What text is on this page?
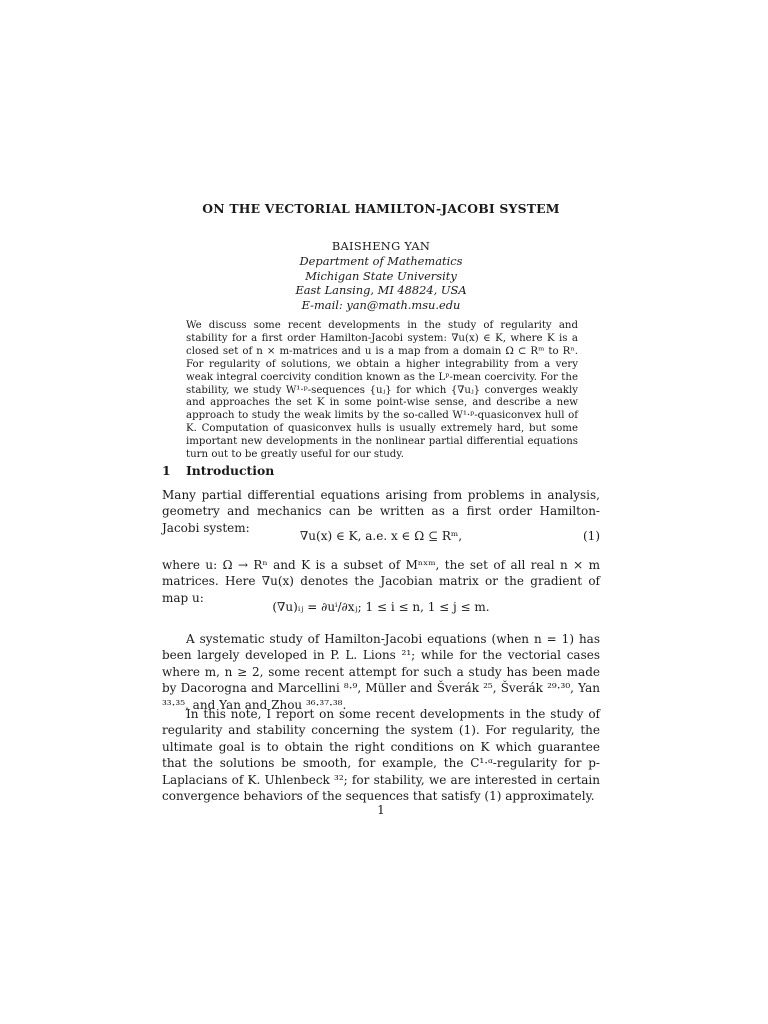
ON THE VECTORIAL HAMILTON-JACOBI SYSTEM
BAISHENG YAN
Department of Mathematics
Michigan State University
East Lansing, MI 48824, USA
E-mail: yan@math.msu.edu

We discuss some recent developments in the study of regularity and stability for a first order Hamilton-Jacobi system: ∇u(x) ∈ K, where K is a closed set of n × m-matrices and u is a map from a domain Ω ⊂ Rᵐ to Rⁿ. For regularity of solutions, we obtain a higher integrability from a very weak integral coercivity condition known as the Lᵖ-mean coercivity. For the stability, we study W¹·ᵖ-sequences {uⱼ} for which {∇uⱼ} converges weakly and approaches the set K in some point-wise sense, and describe a new approach to study the weak limits by the so-called W¹·ᵖ-quasiconvex hull of K. Computation of quasiconvex hulls is usually extremely hard, but some important new developments in the nonlinear partial differential equations turn out to be greatly useful for our study.

1 Introduction

Many partial differential equations arising from problems in analysis, geometry and mechanics can be written as a first order Hamilton-Jacobi system:

∇u(x) ∈ K, a.e. x ∈ Ω ⊆ Rᵐ,	(1)

where u: Ω → Rⁿ and K is a subset of Mⁿˣᵐ, the set of all real n × m matrices. Here ∇u(x) denotes the Jacobian matrix or the gradient of map u:

(∇u)ᵢⱼ = ∂uⁱ/∂xⱼ; 1 ≤ i ≤ n, 1 ≤ j ≤ m.

A systematic study of Hamilton-Jacobi equations (when n = 1) has been largely developed in P. L. Lions ²¹; while for the vectorial cases where m, n ≥ 2, some recent attempt for such a study has been made by Dacorogna and Marcellini ⁸·⁹, Müller and Šverák ²⁵, Šverák ²⁹·³⁰, Yan ³³·³⁵, and Yan and Zhou ³⁶·³⁷·³⁸.

In this note, I report on some recent developments in the study of regularity and stability concerning the system (1). For regularity, the ultimate goal is to obtain the right conditions on K which guarantee that the solutions be smooth, for example, the C¹·ᵅ-regularity for p-Laplacians of K. Uhlenbeck ³²; for stability, we are interested in certain convergence behaviors of the sequences that satisfy (1) approximately.

1
